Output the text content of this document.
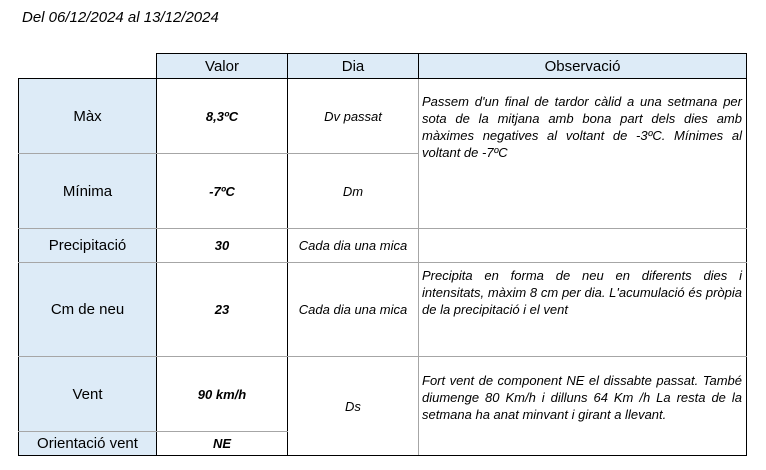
Del 06/12/2024 al 13/12/2024
	Valor	Dia	Observació
Màx	8,3ºC	Dv passat	Passem d'un final de tardor càlid a una setmana per sota de la mitjana amb bona part dels dies amb màximes negatives al voltant de -3ºC. Mínimes al voltant de -7ºC
Mínima	-7ºC	Dm	
Precipitació	30	Cada dia una mica	
Cm de neu	23	Cada dia una mica	Precipita en forma de neu en diferents dies i intensitats, màxim 8 cm per dia. L'acumulació és pròpia de la precipitació i el vent
Vent	90 km/h	Ds	Fort vent de component NE el dissabte passat. També diumenge 80 Km/h i dilluns 64 Km /h La resta de la setmana ha anat minvant i girant a llevant.
Orientació vent	NE		
